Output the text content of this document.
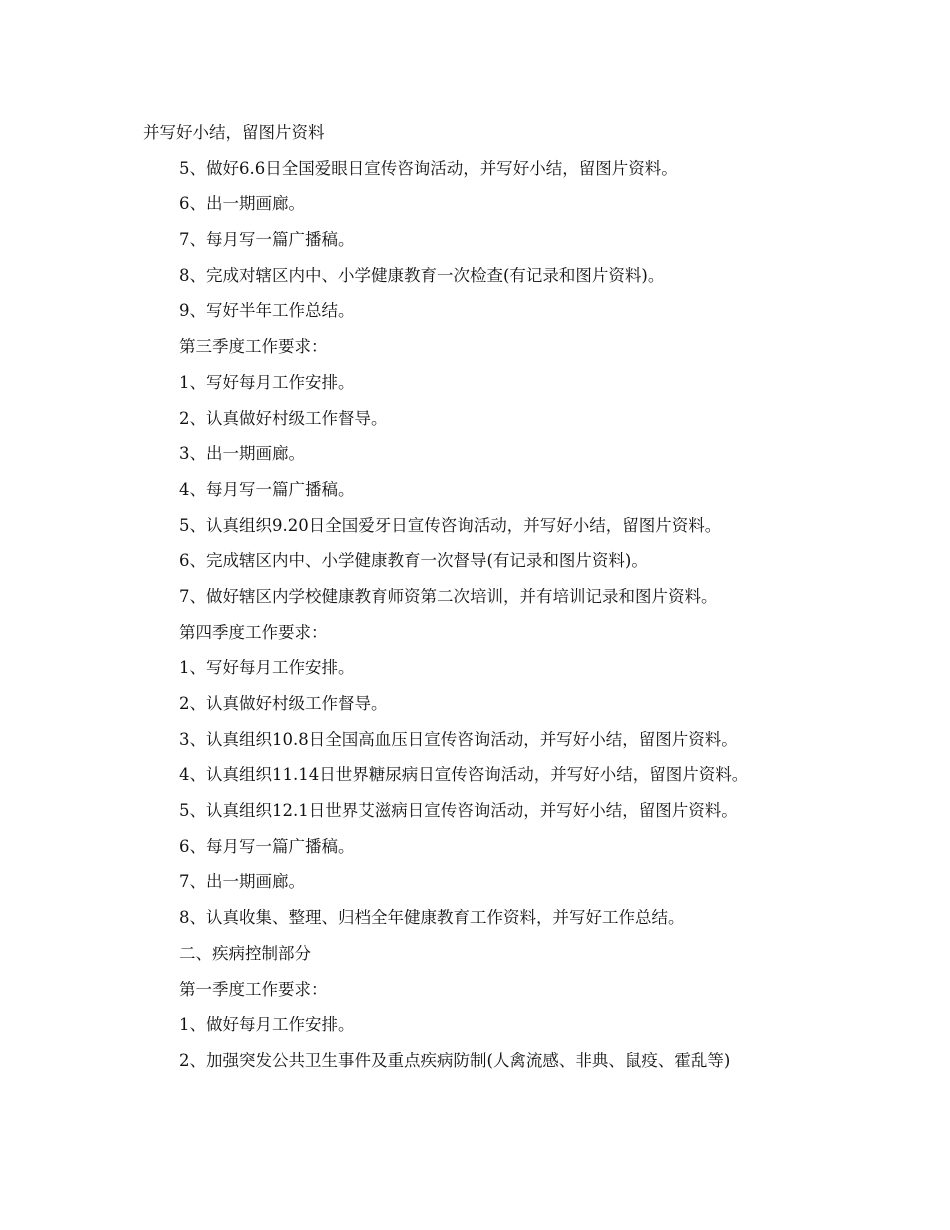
并写好小结，留图片资料
5、做好6.6日全国爱眼日宣传咨询活动，并写好小结，留图片资料。
6、出一期画廊。
7、每月写一篇广播稿。
8、完成对辖区内中、小学健康教育一次检查(有记录和图片资料)。
9、写好半年工作总结。
第三季度工作要求：
1、写好每月工作安排。
2、认真做好村级工作督导。
3、出一期画廊。
4、每月写一篇广播稿。
5、认真组织9.20日全国爱牙日宣传咨询活动，并写好小结，留图片资料。
6、完成辖区内中、小学健康教育一次督导(有记录和图片资料)。
7、做好辖区内学校健康教育师资第二次培训，并有培训记录和图片资料。
第四季度工作要求：
1、写好每月工作安排。
2、认真做好村级工作督导。
3、认真组织10.8日全国高血压日宣传咨询活动，并写好小结，留图片资料。
4、认真组织11.14日世界糖尿病日宣传咨询活动，并写好小结，留图片资料。
5、认真组织12.1日世界艾滋病日宣传咨询活动，并写好小结，留图片资料。
6、每月写一篇广播稿。
7、出一期画廊。
8、认真收集、整理、归档全年健康教育工作资料，并写好工作总结。
二、疾病控制部分
第一季度工作要求：
1、做好每月工作安排。
2、加强突发公共卫生事件及重点疾病防制(人禽流感、非典、鼠疫、霍乱等)
